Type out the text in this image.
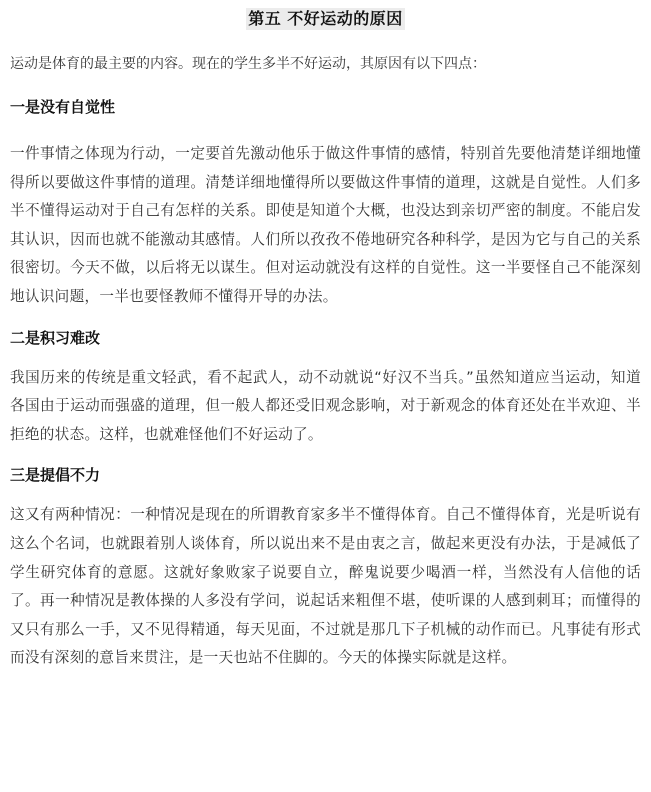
第五 不好运动的原因
运动是体育的最主要的内容。现在的学生多半不好运动，其原因有以下四点：
一是没有自觉性
一件事情之体现为行动，一定要首先激动他乐于做这件事情的感情，特别首先要他清楚详细地懂得所以要做这件事情的道理。清楚详细地懂得所以要做这件事情的道理，这就是自觉性。人们多半不懂得运动对于自己有怎样的关系。即使是知道个大概，也没达到亲切严密的制度。不能启发其认识，因而也就不能激动其感情。人们所以孜孜不倦地研究各种科学，是因为它与自己的关系很密切。今天不做，以后将无以谋生。但对运动就没有这样的自觉性。这一半要怪自己不能深刻地认识问题，一半也要怪教师不懂得开导的办法。
二是积习难改
我国历来的传统是重文轻武，看不起武人，动不动就说“好汉不当兵。”虽然知道应当运动，知道各国由于运动而强盛的道理，但一般人都还受旧观念影响，对于新观念的体育还处在半欢迎、半拒绝的状态。这样，也就难怪他们不好运动了。
三是提倡不力
这又有两种情况：一种情况是现在的所谓教育家多半不懂得体育。自己不懂得体育，光是听说有这么个名词，也就跟着别人谈体育，所以说出来不是由衷之言，做起来更没有办法，于是减低了学生研究体育的意愿。这就好象败家子说要自立，醉鬼说要少喝酒一样，当然没有人信他的话了。再一种情况是教体操的人多没有学问，说起话来粗俚不堪，使听课的人感到刺耳；而懂得的又只有那么一手，又不见得精通，每天见面，不过就是那几下子机械的动作而已。凡事徒有形式而没有深刻的意旨来贯注，是一天也站不住脚的。今天的体操实际就是这样。
